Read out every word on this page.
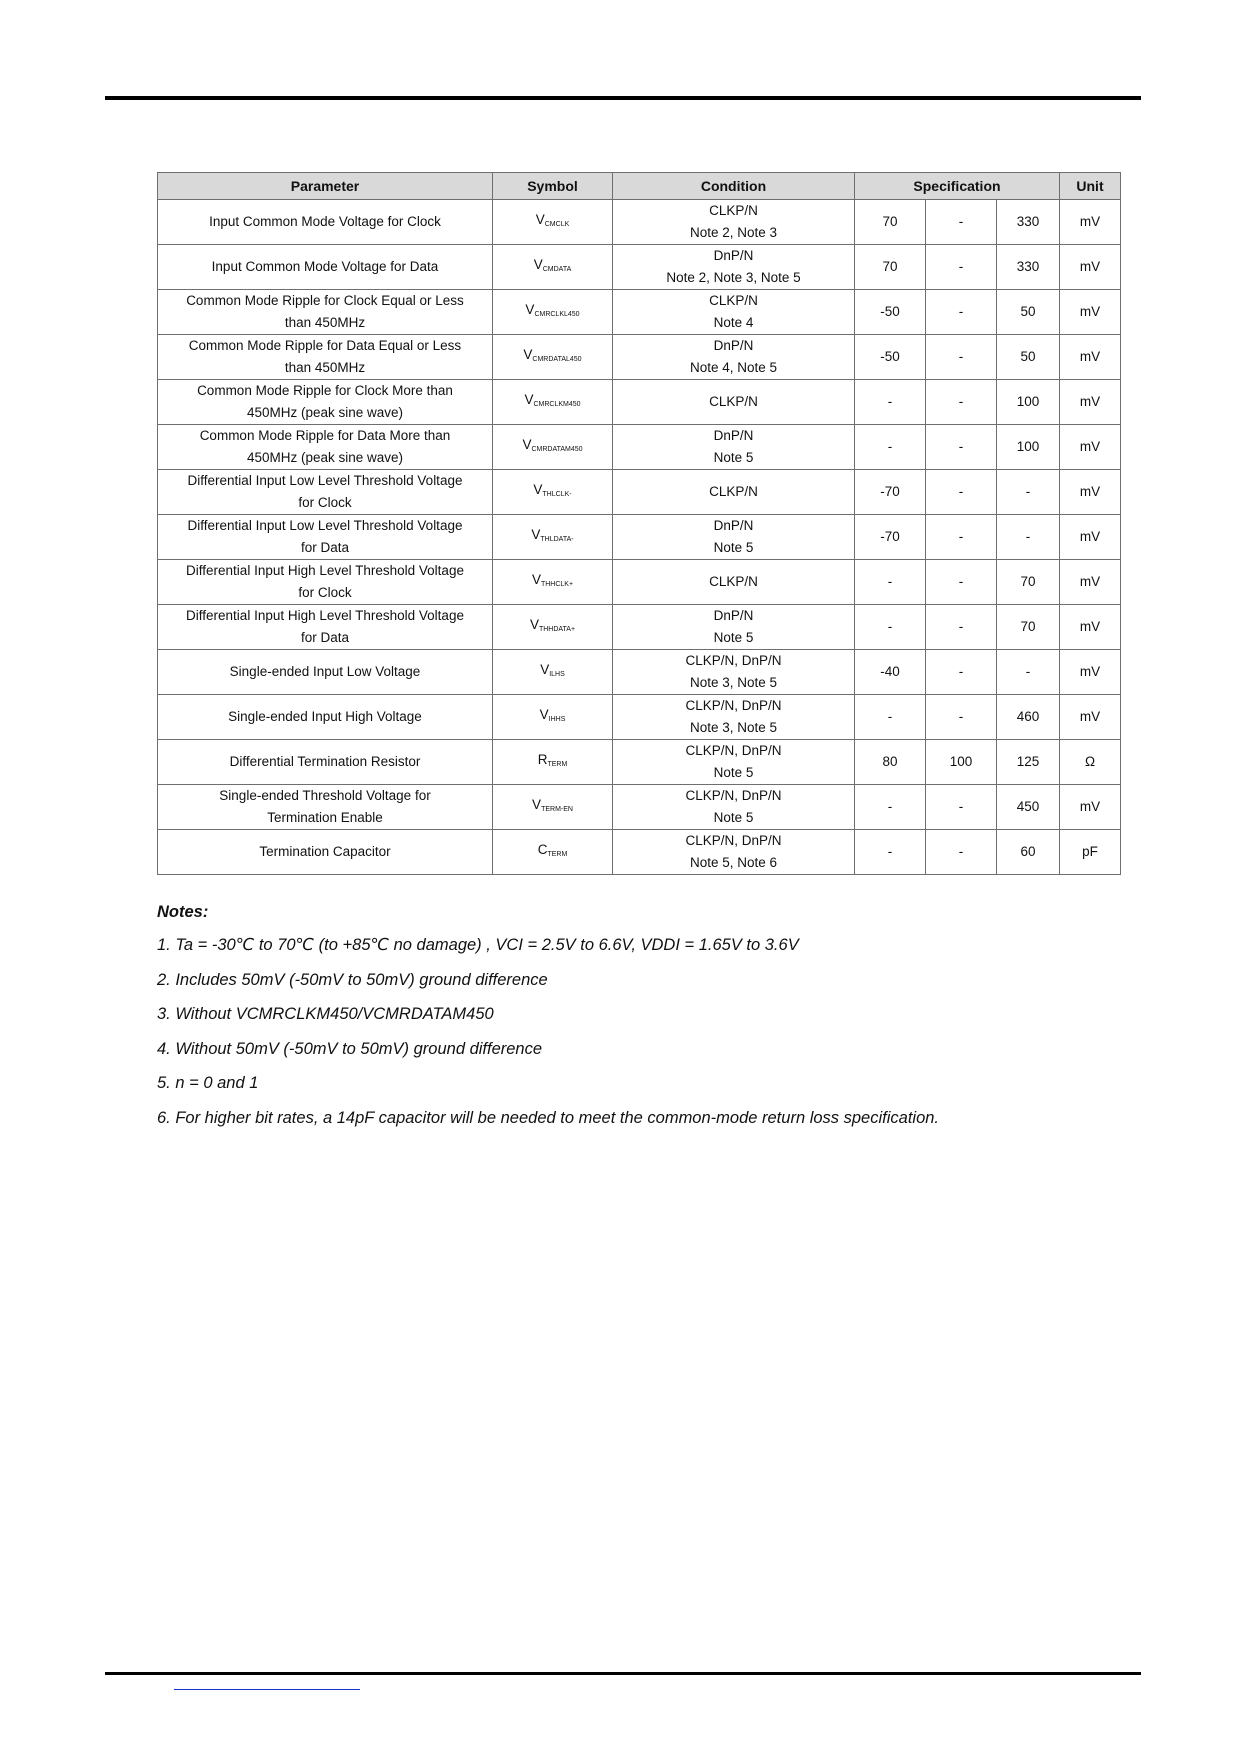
Parameter	Symbol	Condition	Specification			Unit

Input Common Mode Voltage for Clock	$V_{CMCLK}$	CLKP/N
Note 2, Note 3	70	-	330	mV

Input Common Mode Voltage for Data	$V_{CMDATA}$	DnP/N
Note 2, Note 3, Note 5	70	-	330	mV

Common Mode Ripple for Clock Equal or Less
than 450MHz	$V_{CMRCLKL450}$	CLKP/N
Note 4	-50	-	50	mV

Common Mode Ripple for Data Equal or Less
than 450MHz	$V_{CMRDATAL450}$	DnP/N
Note 4, Note 5	-50	-	50	mV

Common Mode Ripple for Clock More than
450MHz (peak sine wave)	$V_{CMRCLKM450}$	CLKP/N	-	-	100	mV

Common Mode Ripple for Data More than
450MHz (peak sine wave)	$V_{CMRDATAM450}$	DnP/N
Note 5	-	-	100	mV

Differential Input Low Level Threshold Voltage
for Clock	$V_{THLCLK-}$	CLKP/N	-70	-	-	mV

Differential Input Low Level Threshold Voltage
for Data	$V_{THLDATA-}$	DnP/N
Note 5	-70	-	-	mV

Differential Input High Level Threshold Voltage
for Clock	$V_{THHCLK+}$	CLKP/N	-	-	70	mV

Differential Input High Level Threshold Voltage
for Data	$V_{THHDATA+}$	DnP/N
Note 5	-	-	70	mV

Single-ended Input Low Voltage	$V_{ILHS}$	CLKP/N, DnP/N
Note 3, Note 5	-40	-	-	mV

Single-ended Input High Voltage	$V_{IHHS}$	CLKP/N, DnP/N
Note 3, Note 5	-	-	460	mV

Differential Termination Resistor	$R_{TERM}$	CLKP/N, DnP/N
Note 5	80	100	125	Ω

Single-ended Threshold Voltage for
Termination Enable	$V_{TERM-EN}$	CLKP/N, DnP/N
Note 5	-	-	450	mV

Termination Capacitor	$C_{TERM}$	CLKP/N, DnP/N
Note 5, Note 6	-	-	60	pF
Notes:
1. Ta = -30℃ to 70℃ (to +85℃ no damage) , VCI = 2.5V to 6.6V, VDDI = 1.65V to 3.6V
2. Includes 50mV (-50mV to 50mV) ground difference
3. Without VCMRCLKM450/VCMRDATAM450
4. Without 50mV (-50mV to 50mV) ground difference
5. n = 0 and 1
6. For higher bit rates, a 14pF capacitor will be needed to meet the common-mode return loss specification.
